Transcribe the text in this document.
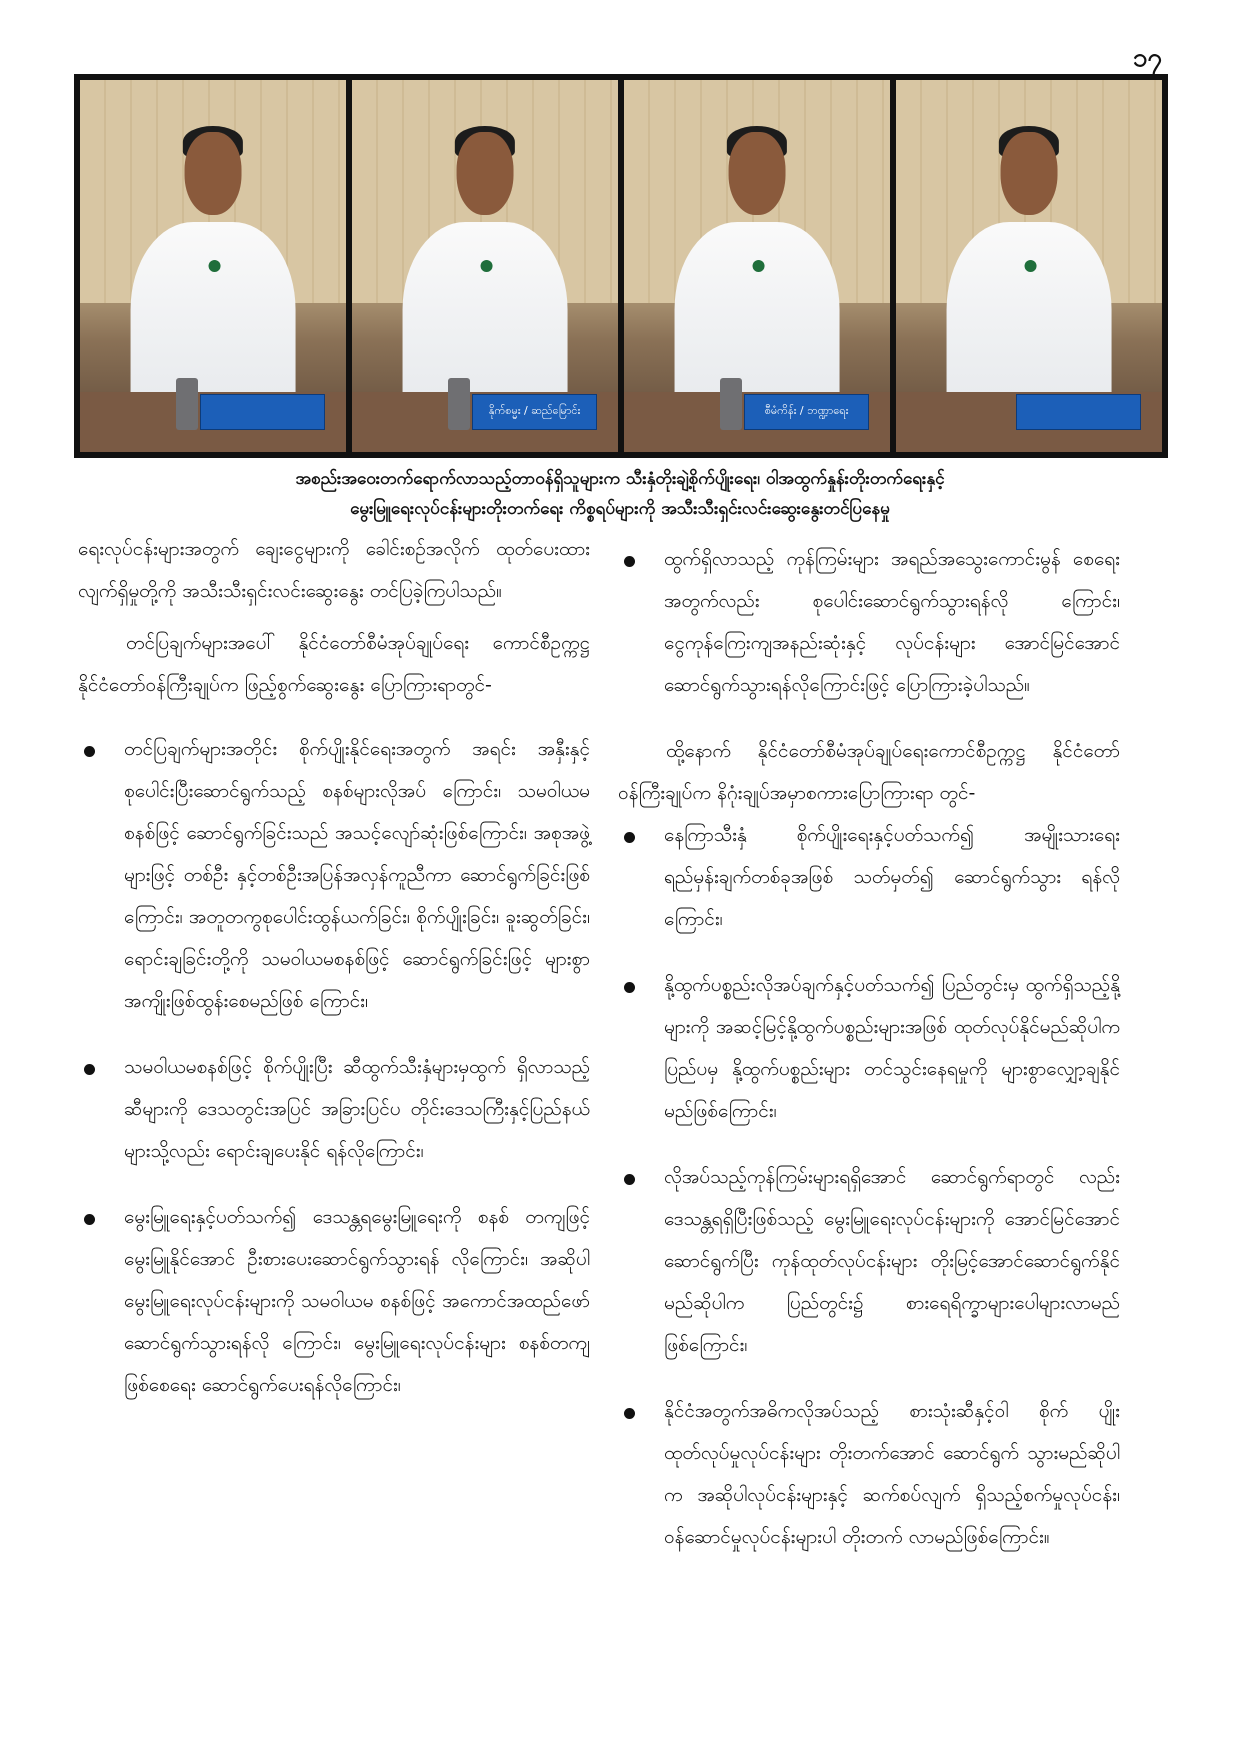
၁၇
နိုက်စမ္မး / ဆည်မြောင်း	စီမံကိန်း / ဘဏ္ဍာရေး
အစည်းအဝေးတက်ရောက်လာသည့်တာဝန်ရှိသူများက သီးနှံတိုးချဲ့စိုက်ပျိုးရေး၊ ဝါအထွက်နှုန်းတိုးတက်ရေးနှင့်
မွေးမြူရေးလုပ်ငန်းများတိုးတက်ရေး ကိစ္စရပ်များကို အသီးသီးရှင်းလင်းဆွေးနွေးတင်ပြနေမှု

ရေးလုပ်ငန်းများအတွက် ချေးငွေများကို ခေါင်းစဉ်အလိုက် ထုတ်ပေးထားလျက်ရှိမှုတို့ကို အသီးသီးရှင်းလင်းဆွေးနွေး တင်ပြခဲ့ကြပါသည်။

တင်ပြချက်များအပေါ် နိုင်ငံတော်စီမံအုပ်ချုပ်ရေး ကောင်စီဥက္ကဋ္ဌ နိုင်ငံတော်ဝန်ကြီးချုပ်က ဖြည့်စွက်ဆွေးနွေး ပြောကြားရာတွင်-

တင်ပြချက်များအတိုင်း စိုက်ပျိုးနိုင်ရေးအတွက် အရင်း အနှီးနှင့်စုပေါင်းပြီးဆောင်ရွက်သည့် စနစ်များလိုအပ် ကြောင်း၊ သမဝါယမစနစ်ဖြင့် ဆောင်ရွက်ခြင်းသည် အသင့်လျော်ဆုံးဖြစ်ကြောင်း၊ အစုအဖွဲ့များဖြင့် တစ်ဦး နှင့်တစ်ဦးအပြန်အလှန်ကူညီကာ ဆောင်ရွက်ခြင်းဖြစ် ကြောင်း၊ အတူတကွစုပေါင်းထွန်ယက်ခြင်း၊ စိုက်ပျိုးခြင်း၊ ခူးဆွတ်ခြင်း၊ ရောင်းချခြင်းတို့ကို သမဝါယမစနစ်ဖြင့် ဆောင်ရွက်ခြင်းဖြင့် များစွာအကျိုးဖြစ်ထွန်းစေမည်ဖြစ် ကြောင်း၊
သမဝါယမစနစ်ဖြင့် စိုက်ပျိုးပြီး ဆီထွက်သီးနှံများမှထွက် ရှိလာသည့်ဆီများကို ဒေသတွင်းအပြင် အခြားပြင်ပ တိုင်းဒေသကြီးနှင့်ပြည်နယ်များသို့လည်း ရောင်းချပေးနိုင် ရန်လိုကြောင်း၊
မွေးမြူရေးနှင့်ပတ်သက်၍ ဒေသန္တရမွေးမြူရေးကို စနစ် တကျဖြင့် မွေးမြူနိုင်အောင် ဦးစားပေးဆောင်ရွက်သွားရန် လိုကြောင်း၊ အဆိုပါမွေးမြူရေးလုပ်ငန်းများကို သမဝါယမ စနစ်ဖြင့် အကောင်အထည်ဖော်ဆောင်ရွက်သွားရန်လို ကြောင်း၊ မွေးမြူရေးလုပ်ငန်းများ စနစ်တကျဖြစ်စေရေး ဆောင်ရွက်ပေးရန်လိုကြောင်း၊
ထွက်ရှိလာသည့် ကုန်ကြမ်းများ အရည်အသွေးကောင်းမွန် စေရေးအတွက်လည်း စုပေါင်းဆောင်ရွက်သွားရန်လို ကြောင်း၊ ငွေကုန်ကြေးကျအနည်းဆုံးနှင့် လုပ်ငန်းများ အောင်မြင်အောင် ဆောင်ရွက်သွားရန်လိုကြောင်းဖြင့် ပြောကြားခဲ့ပါသည်။

ထို့နောက် နိုင်ငံတော်စီမံအုပ်ချုပ်ရေးကောင်စီဥက္ကဋ္ဌ နိုင်ငံတော်ဝန်ကြီးချုပ်က နိဂုံးချုပ်အမှာစကားပြောကြားရာ တွင်-

နေကြာသီးနှံ စိုက်ပျိုးရေးနှင့်ပတ်သက်၍ အမျိုးသားရေး ရည်မှန်းချက်တစ်ခုအဖြစ် သတ်မှတ်၍ ဆောင်ရွက်သွား ရန်လိုကြောင်း၊
နို့ထွက်ပစ္စည်းလိုအပ်ချက်နှင့်ပတ်သက်၍ ပြည်တွင်းမှ ထွက်ရှိသည့်နို့များကို အဆင့်မြင့်နို့ထွက်ပစ္စည်းများအဖြစ် ထုတ်လုပ်နိုင်မည်ဆိုပါက ပြည်ပမှ နို့ထွက်ပစ္စည်းများ တင်သွင်းနေရမှုကို များစွာလျှော့ချနိုင်မည်ဖြစ်ကြောင်း၊
လိုအပ်သည့်ကုန်ကြမ်းများရရှိအောင် ဆောင်ရွက်ရာတွင် လည်း ဒေသန္တရရှိပြီးဖြစ်သည့် မွေးမြူရေးလုပ်ငန်းများကို အောင်မြင်အောင်ဆောင်ရွက်ပြီး ကုန်ထုတ်လုပ်ငန်းများ တိုးမြင့်အောင်ဆောင်ရွက်နိုင်မည်ဆိုပါက ပြည်တွင်း၌ စားရေရိက္ခာများပေါများလာမည်ဖြစ်ကြောင်း၊
နိုင်ငံအတွက်အဓိကလိုအပ်သည့် စားသုံးဆီနှင့်ဝါ စိုက် ပျိုးထုတ်လုပ်မှုလုပ်ငန်းများ တိုးတက်အောင် ဆောင်ရွက် သွားမည်ဆိုပါက အဆိုပါလုပ်ငန်းများနှင့် ဆက်စပ်လျက် ရှိသည့်စက်မှုလုပ်ငန်း၊ ဝန်ဆောင်မှုလုပ်ငန်းများပါ တိုးတက် လာမည်ဖြစ်ကြောင်း။
